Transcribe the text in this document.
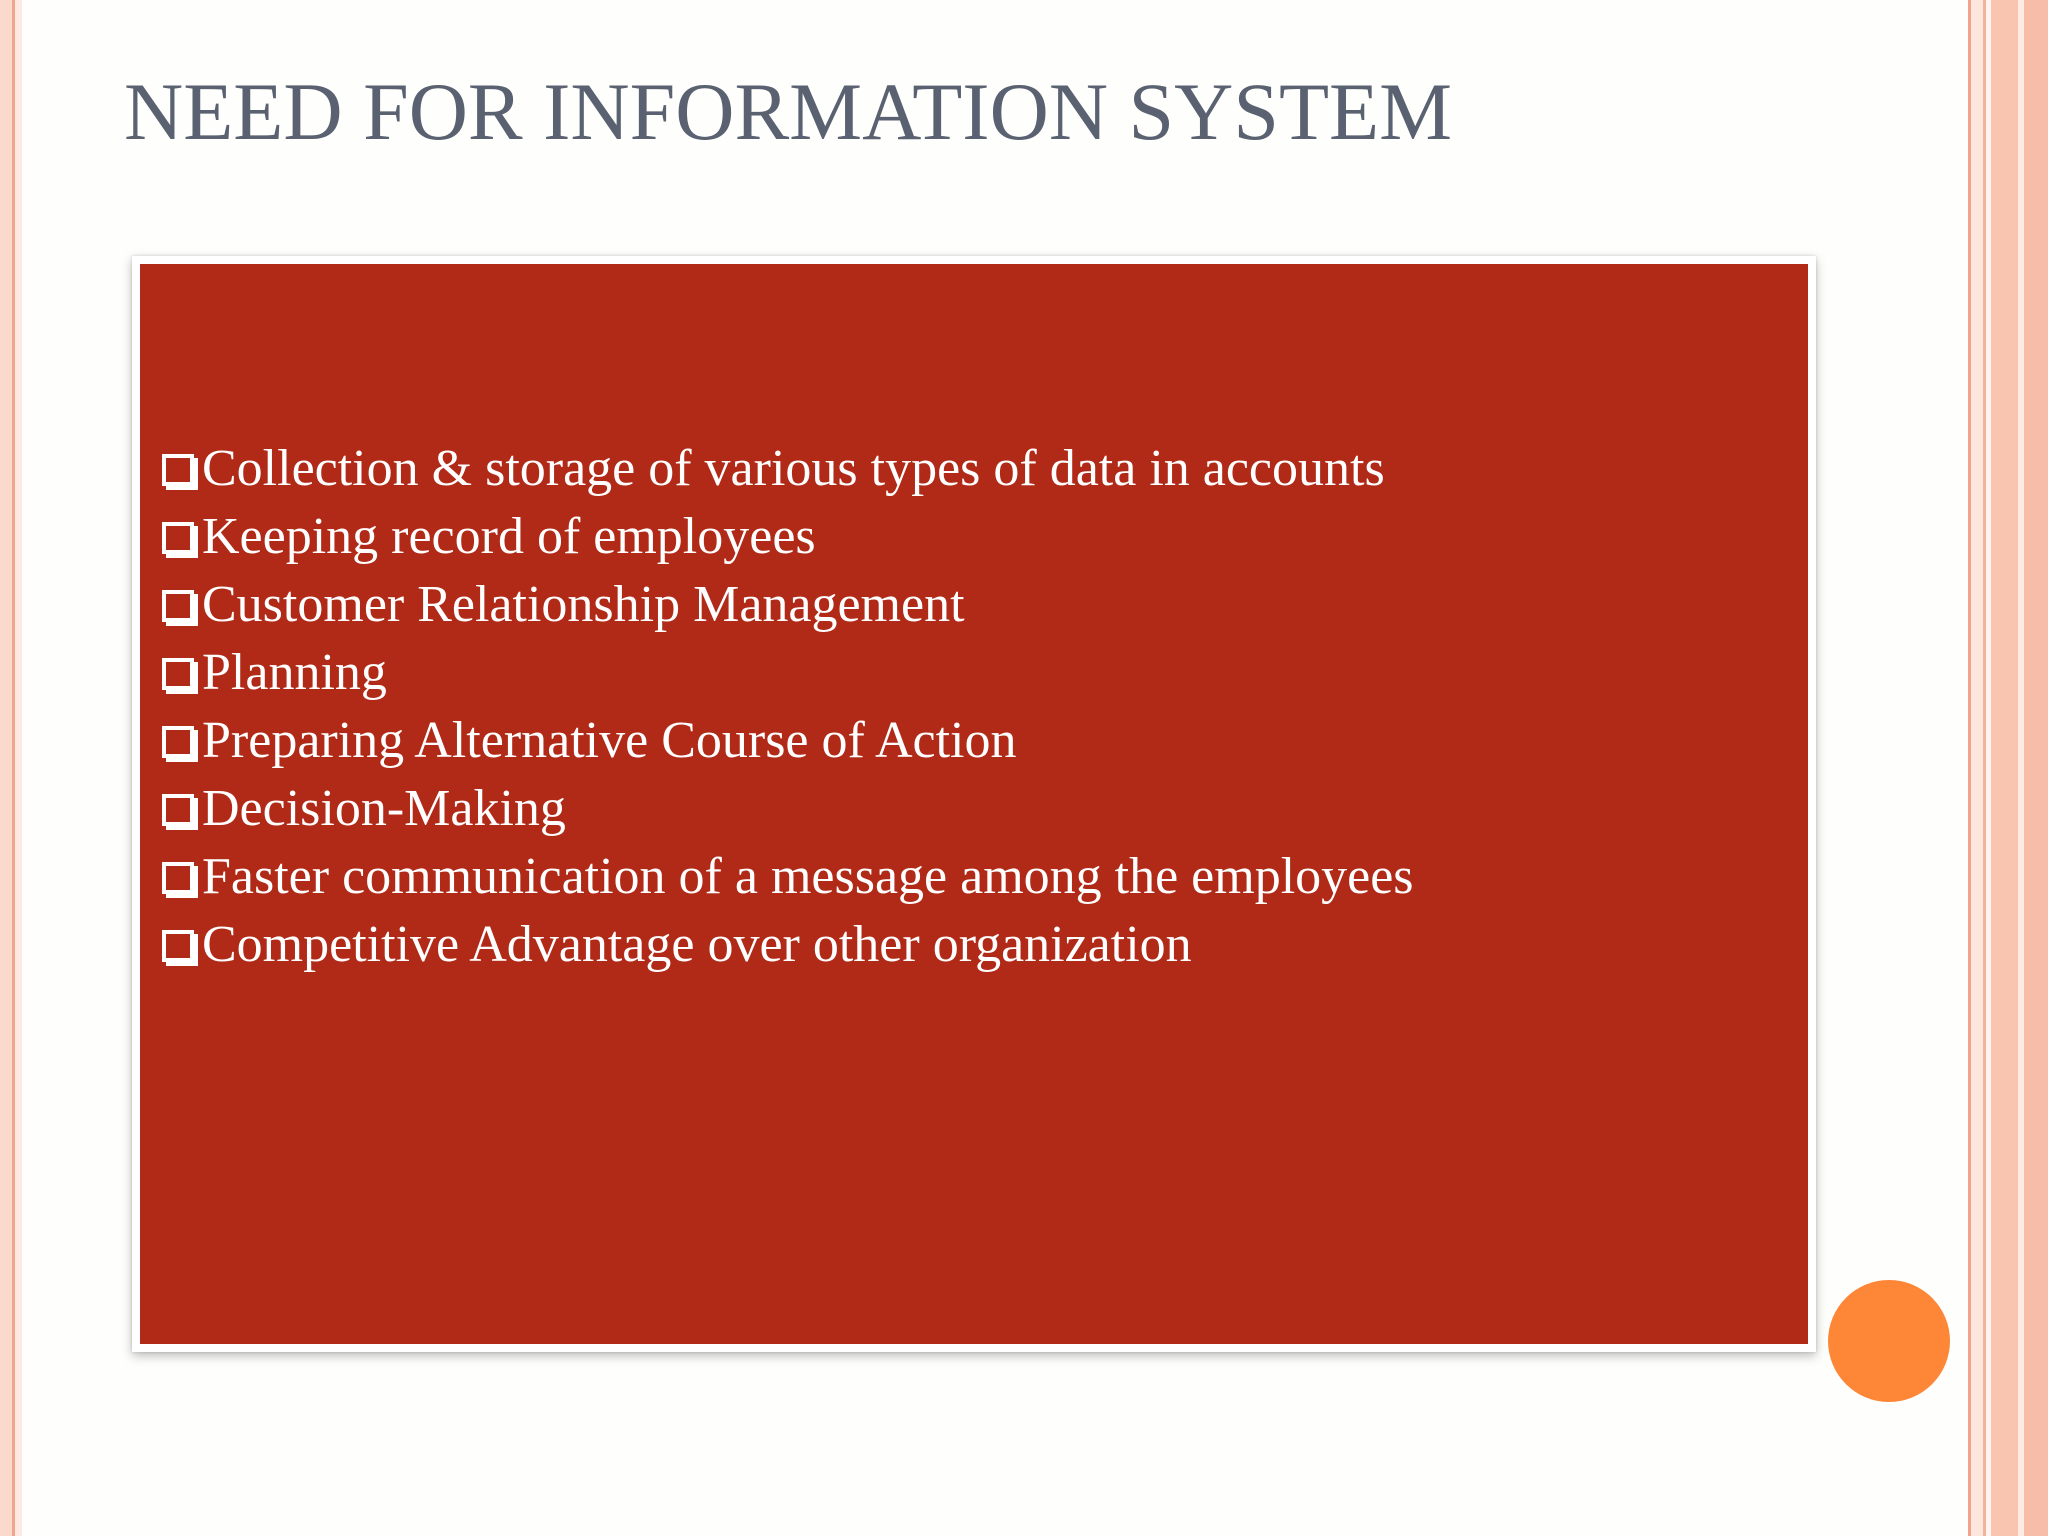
NEED FOR INFORMATION SYSTEM
Collection & storage of various types of data in accounts
Keeping record of employees
Customer Relationship Management
Planning
Preparing Alternative Course of Action
Decision-Making
Faster communication of a message among the employees
Competitive Advantage over other organization
